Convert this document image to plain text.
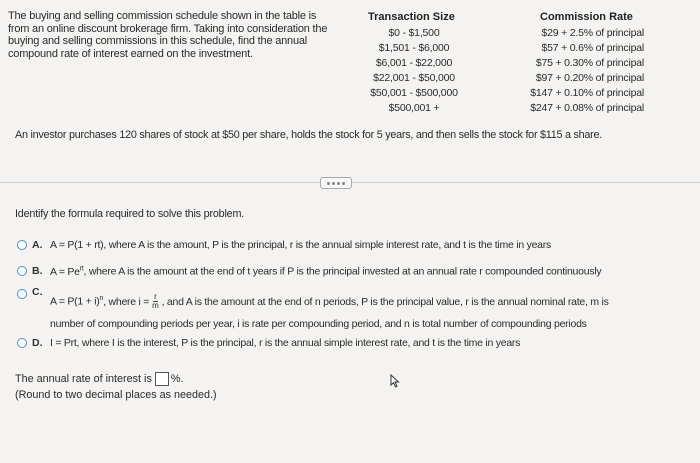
The buying and selling commission schedule shown in the table is from an online discount brokerage firm. Taking into consideration the buying and selling commissions in this schedule, find the annual compound rate of interest earned on the investment.
Transaction Size	Commission Rate
$0 - $1,500
$1,501 - $6,000
$6,001 - $22,000
$22,001 - $50,000
$50,001 - $500,000
$500,001 +
$29 + 2.5% of principal
$57 + 0.6% of principal
$75 + 0.30% of principal
$97 + 0.20% of principal
$147 + 0.10% of principal
$247 + 0.08% of principal
An investor purchases 120 shares of stock at $50 per share, holds the stock for 5 years, and then sells the stock for $115 a share.
Identify the formula required to solve this problem.
A. A = P(1 + rt), where A is the amount, P is the principal, r is the annual simple interest rate, and t is the time in years
B. $A = Pe^{rt}$, where A is the amount at the end of t years if P is the principal invested at an annual rate r compounded continuously
C.
$A = P(1 + i)^n$ , where $i = \frac{r}{m}$ , and A is the amount at the end of n periods, P is the principal value, r is the annual nominal rate, m is
number of compounding periods per year, i is rate per compounding period, and n is total number of compounding periods
D. I = Prt, where I is the interest, P is the principal, r is the annual simple interest rate, and t is the time in years
The annual rate of interest is %.
(Round to two decimal places as needed.)
